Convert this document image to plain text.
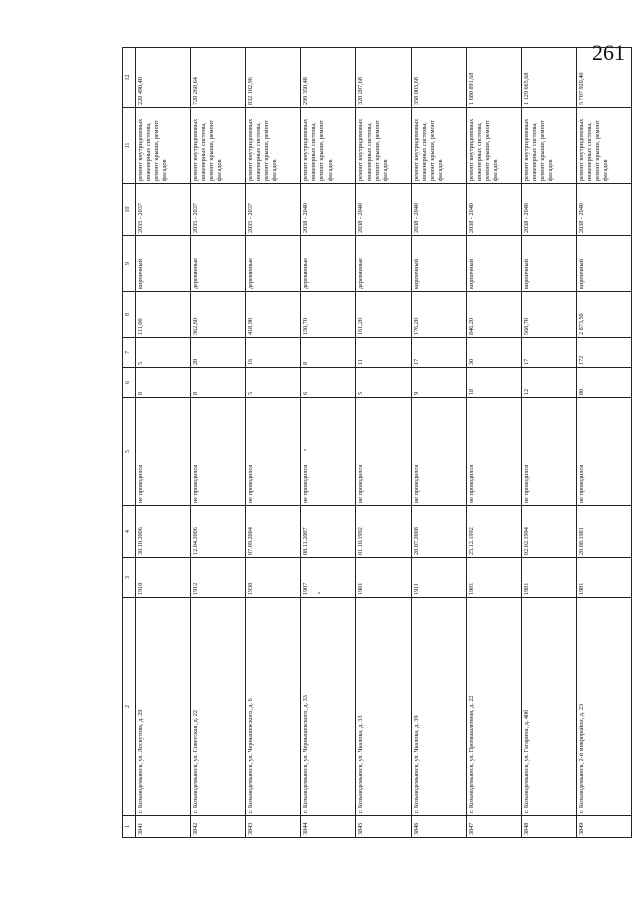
261
1	2	3	4	5	6	7	8	9	10	11	12
3841	г. Козьмодемьянск, ул. Лоскутова, д. 29	1910	30.10.2006	не проводился	8	5	111,00	кирпичный	2035 - 2037	ремонт внутридомовых инженерных системы, ремонт крыши, ремонт фасадов	220 490,40
3842	г. Козьмодемьянск, ул. Советская, д. 22	1912	12.04.2006	не проводился	8	20	362,60	деревянные	2035 - 2037	ремонт внутридомовых инженерных системы, ремонт крыши, ремонт фасадов	720 268,64
3843	г. Козьмодемьянск, ул. Чернышевского, д. 6	1930	07.09.2004	не проводился	5	16	418,90	деревянные	2035 - 2037	ремонт внутридомовых инженерных системы, ремонт крыши, ремонт фасадов	832 102,96
3844	г. Козьмодемьянск, ул. Чернышевского, д. 33	1907	08.11.2007	не проводился	6	8	150,70	деревянные	2038 - 2040	ремонт внутридомовых инженерных системы, ремонт крыши, ремонт фасадов	299 350,48
3845	г. Козьмодемьянск, ул. Чкалова, д. 33	1901	01.10.1992	не проводился	5	11	161,20	деревянные	2038 - 2040	ремонт внутридомовых инженерных системы, ремонт крыши, ремонт фасадов	320 207,68
3846	г. Козьмодемьянск, ул. Чкалова, д. 39	1911	28.07.2008	не проводился	9	17	176,20	кирпичный	2038 - 2040	ремонт внутридомовых инженерных системы, ремонт крыши, ремонт фасадов	350 003,68
3847	г. Козьмодемьянск, ул. Промышленная, д. 22	1981	25.12.1992	не проводился	18	30	846,20	кирпичный	2038 - 2040	ремонт внутридомовых инженерных системы, ремонт крыши, ремонт фасадов	1 680 891,68
3848	г. Козьмодемьянск, ул. Гагарина, д. 40б	1981	02.02.1994	не проводился	12	17	568,70	кирпичный	2038 - 2040	ремонт внутридомовых инженерных системы, ремонт крыши, ремонт фасадов	1 129 665,68
3849	г. Козьмодемьянск, 2-й микрорайон, д. 23	1981	20.08.1981	не проводился	80	172	2 873,50	кирпичный	2038 - 2040	ремонт внутридомовых инженерных системы, ремонт крыши, ремонт фасадов	5 707 920,40
